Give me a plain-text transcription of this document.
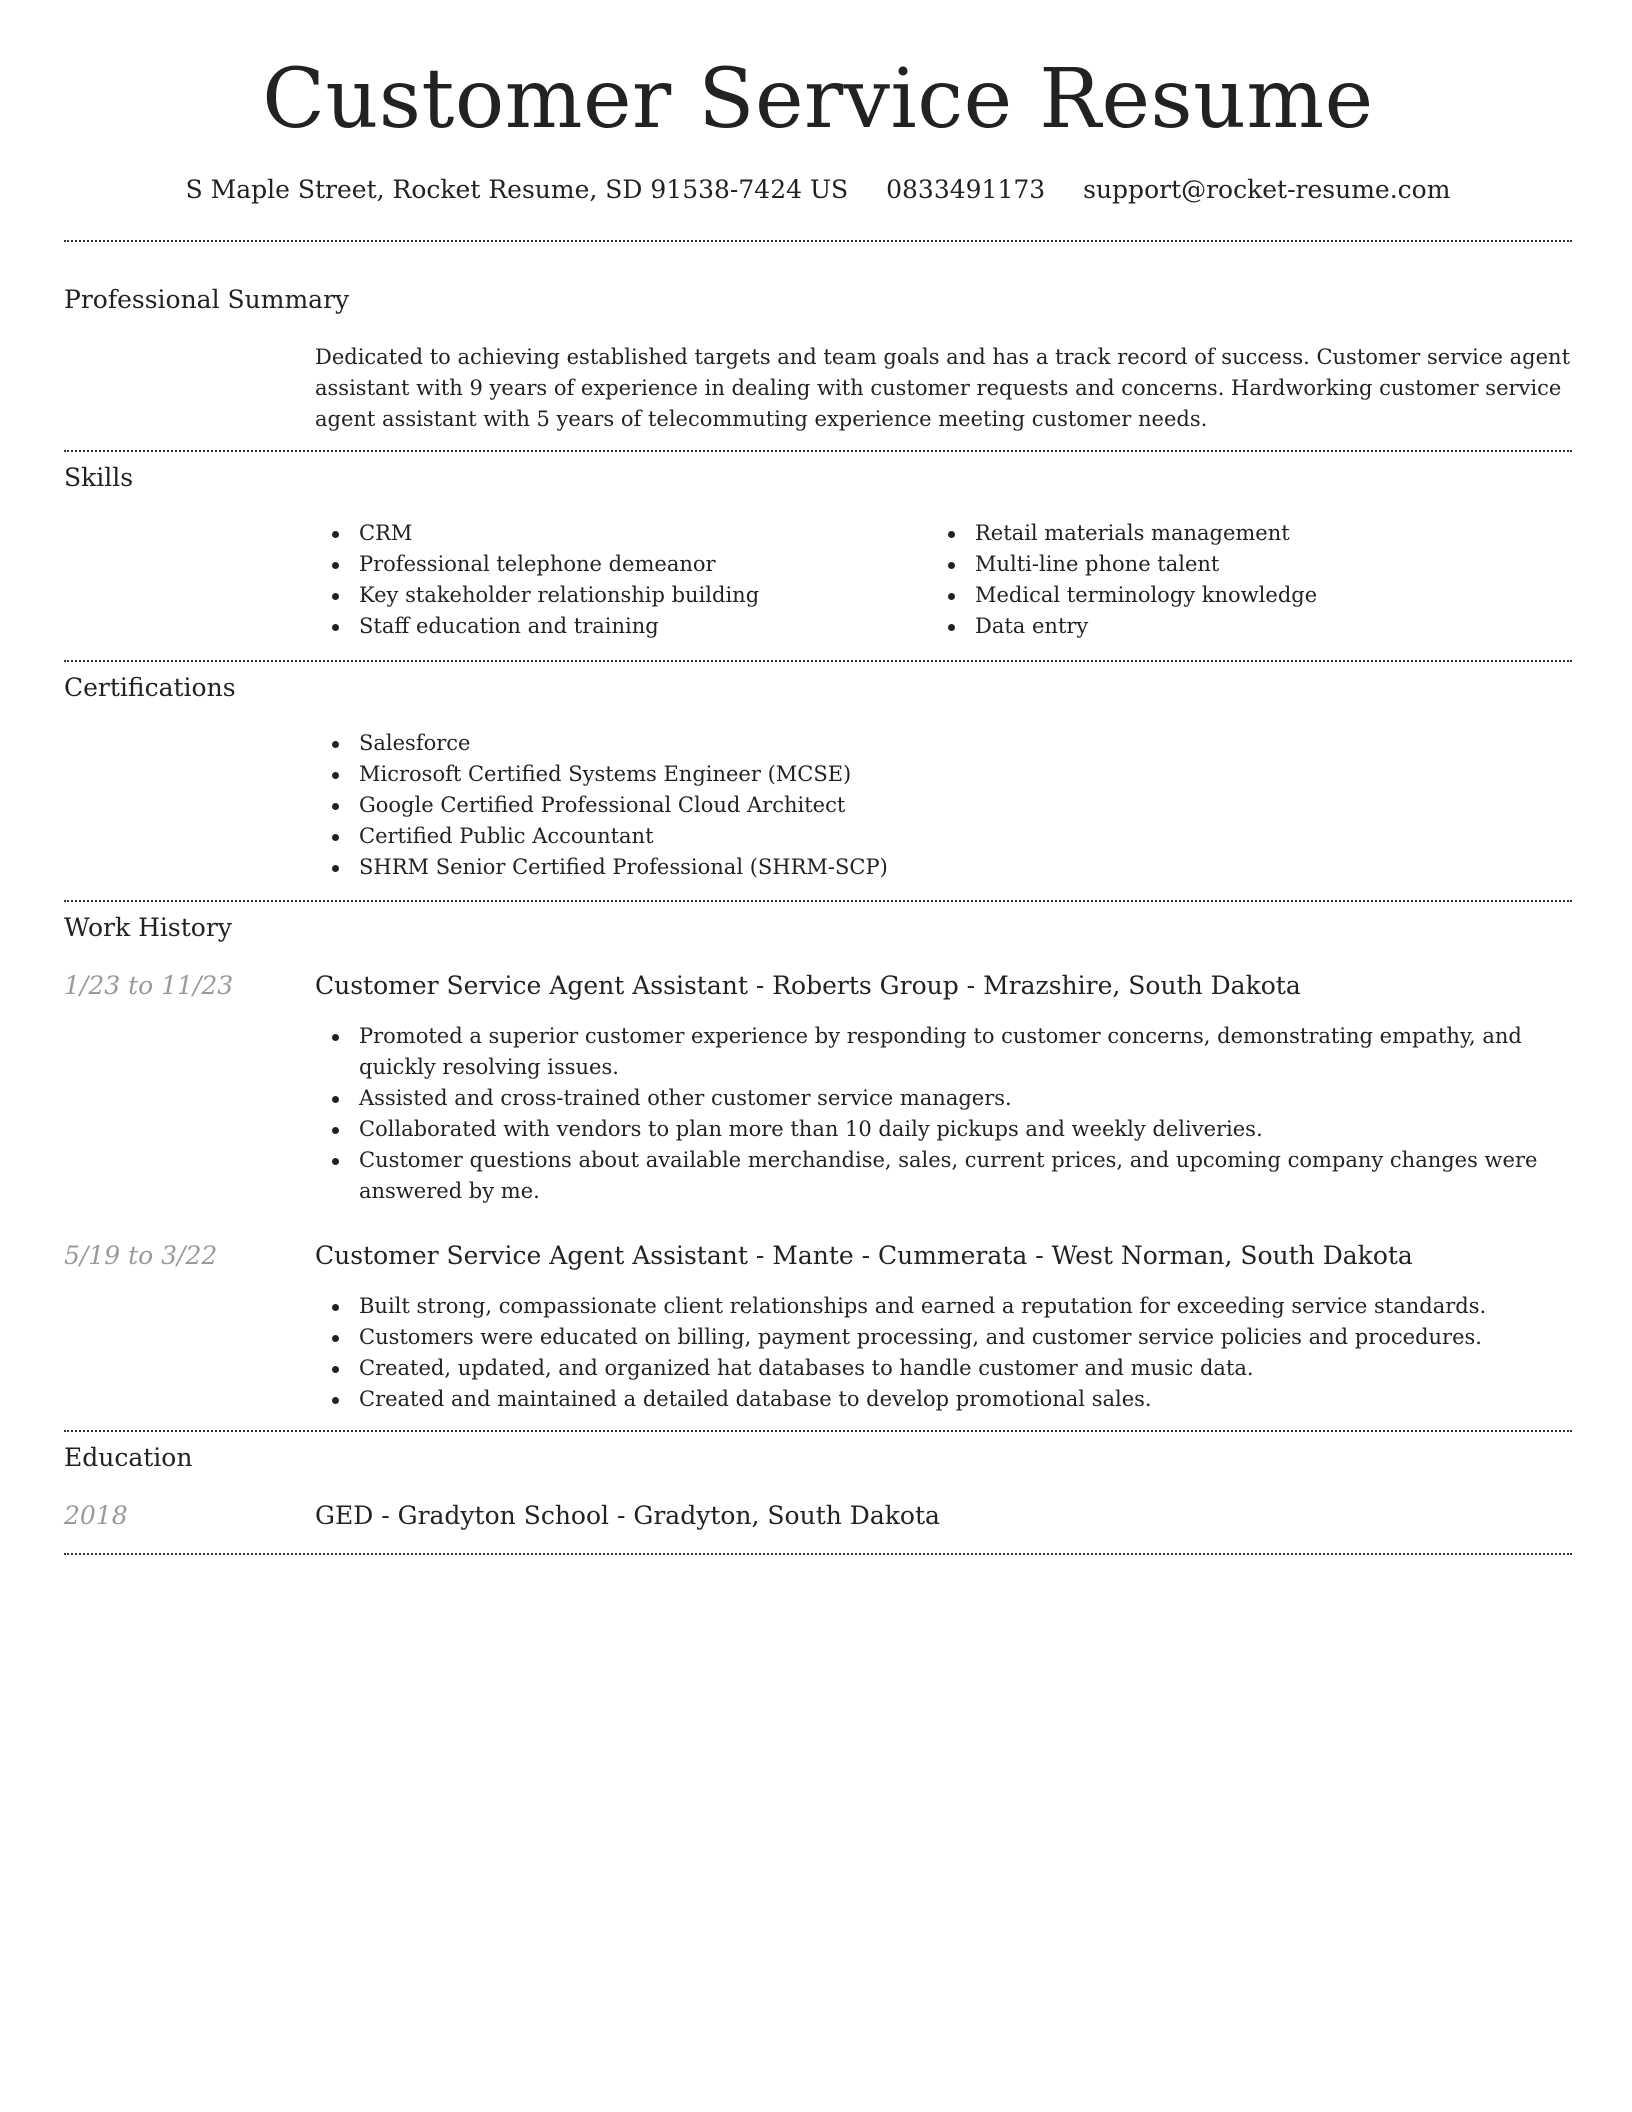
Customer Service Resume
S Maple Street, Rocket Resume, SD 91538-7424 US 0833491173 support@rocket-resume.com
Professional Summary

Dedicated to achieving established targets and team goals and has a track record of success. Customer service agent assistant with 9 years of experience in dealing with customer requests and concerns. Hardworking customer service agent assistant with 5 years of telecommuting experience meeting customer needs.

Skills
CRM
Professional telephone demeanor
Key stakeholder relationship building
Staff education and training
Retail materials management
Multi-line phone talent
Medical terminology knowledge
Data entry
Certifications
Salesforce
Microsoft Certified Systems Engineer (MCSE)
Google Certified Professional Cloud Architect
Certified Public Accountant
SHRM Senior Certified Professional (SHRM-SCP)
Work History
1/23 to 11/23	Customer Service Agent Assistant - Roberts Group - Mrazshire, South Dakota
Promoted a superior customer experience by responding to customer concerns, demonstrating empathy, and quickly resolving issues.
Assisted and cross-trained other customer service managers.
Collaborated with vendors to plan more than 10 daily pickups and weekly deliveries.
Customer questions about available merchandise, sales, current prices, and upcoming company changes were answered by me.
5/19 to 3/22	Customer Service Agent Assistant - Mante - Cummerata - West Norman, South Dakota
Built strong, compassionate client relationships and earned a reputation for exceeding service standards.
Customers were educated on billing, payment processing, and customer service policies and procedures.
Created, updated, and organized hat databases to handle customer and music data.
Created and maintained a detailed database to develop promotional sales.
Education
2018	GED - Gradyton School - Gradyton, South Dakota
